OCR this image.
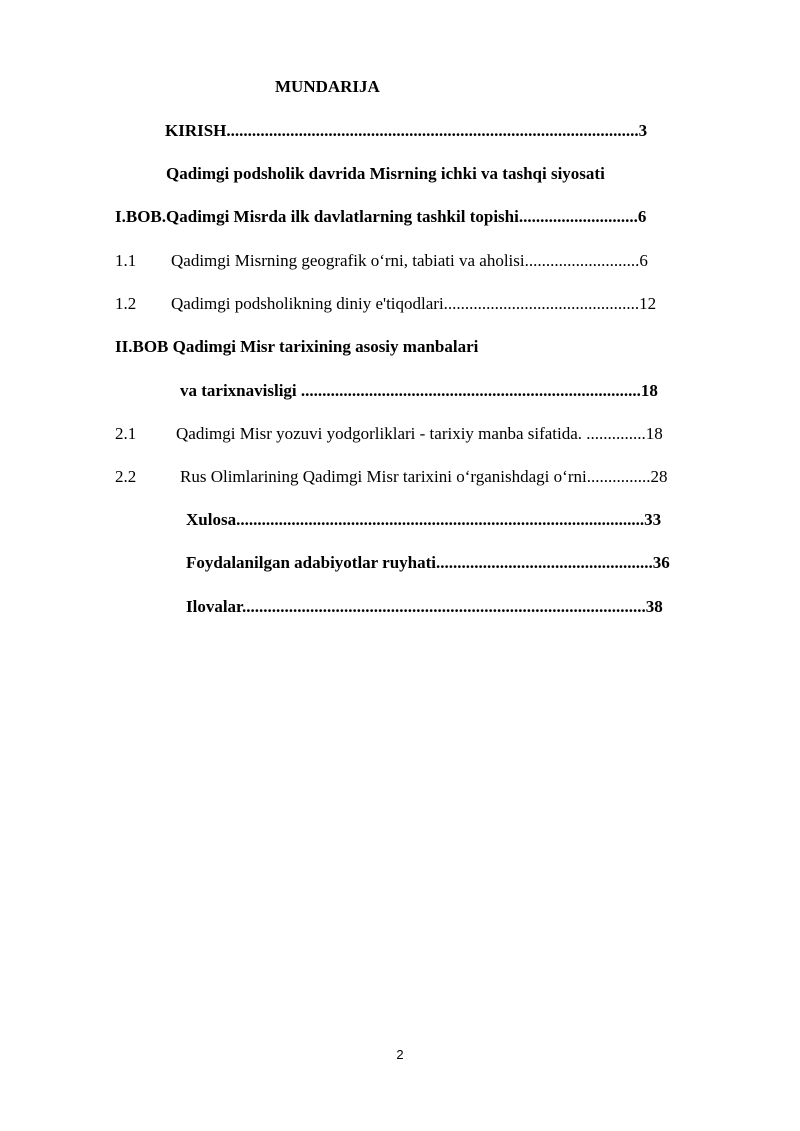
MUNDARIJA
KIRISH.................................................................................................3
Qadimgi podsholik davrida Misrning ichki va tashqi siyosati
I.BOB.Qadimgi Misrda ilk davlatlarning tashkil topishi............................6
1.1 Qadimgi Misrning geografik o‘rni, tabiati va aholisi...........................6
1.2 Qadimgi podsholikning diniy e'tiqodlari..............................................12
II.BOB Qadimgi Misr tarixining asosiy manbalari
va tarixnavisligi ................................................................................18
2.1 Qadimgi Misr yozuvi yodgorliklari - tarixiy manba sifatida. ..............18
2.2	Rus Olimlarining Qadimgi Misr tarixini o‘rganishdagi o‘rni...............28
Xulosa................................................................................................33
Foydalanilgan adabiyotlar ruyhati...................................................36
Ilovalar...............................................................................................38
2
